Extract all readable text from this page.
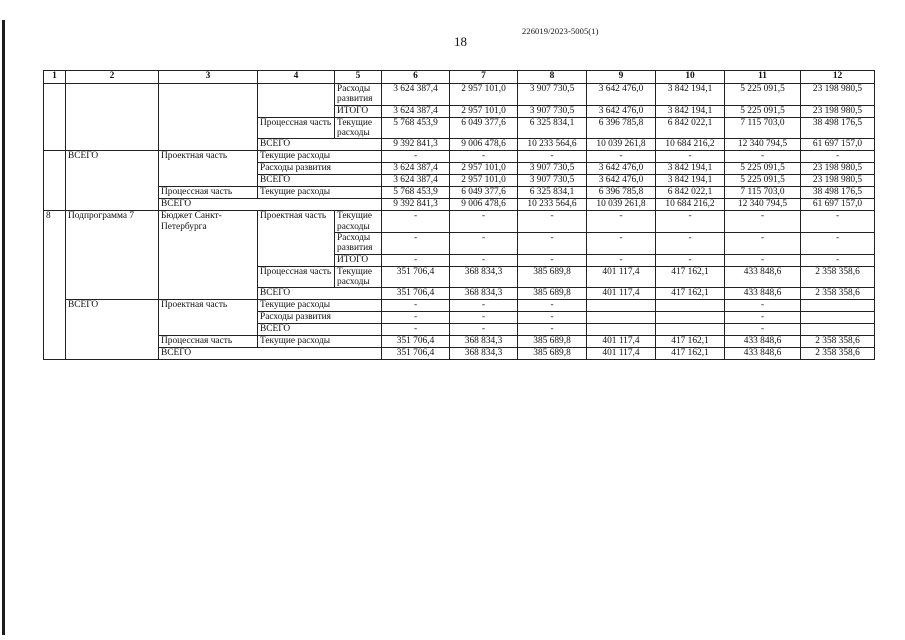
226019/2023-5005(1)
18
1	2	3	4	5	6	7	8	9	10	11	12
				Расходы развития	3 624 387,4	2 957 101,0	3 907 730,5	3 642 476,0	3 842 194,1	5 225 091,5	23 198 980,5
				ИТОГО	3 624 387,4	2 957 101,0	3 907 730,5	3 642 476,0	3 842 194,1	5 225 091,5	23 198 980,5
			Процессная часть	Текущие расходы	5 768 453,9	6 049 377,6	6 325 834,1	6 396 785,8	6 842 022,1	7 115 703,0	38 498 176,5
			ВСЕГО		9 392 841,3	9 006 478,6	10 233 564,6	10 039 261,8	10 684 216,2	12 340 794,5	61 697 157,0
	ВСЕГО	Проектная часть	Текущие расходы		-	-	-	-	-	-	-
			Расходы развития		3 624 387,4	2 957 101,0	3 907 730,5	3 642 476,0	3 842 194,1	5 225 091,5	23 198 980,5
			ВСЕГО		3 624 387,4	2 957 101,0	3 907 730,5	3 642 476,0	3 842 194,1	5 225 091,5	23 198 980,5
		Процессная часть	Текущие расходы		5 768 453,9	6 049 377,6	6 325 834,1	6 396 785,8	6 842 022,1	7 115 703,0	38 498 176,5
		ВСЕГО			9 392 841,3	9 006 478,6	10 233 564,6	10 039 261,8	10 684 216,2	12 340 794,5	61 697 157,0
8	Подпрограмма 7	Бюджет Санкт-Петербурга	Проектная часть	Текущие расходы	-	-	-	-	-	-	-
				Расходы развития	-	-	-	-	-	-	-
				ИТОГО	-	-	-	-	-	-	-
			Процессная часть	Текущие расходы	351 706,4	368 834,3	385 689,8	401 117,4	417 162,1	433 848,6	2 358 358,6
			ВСЕГО		351 706,4	368 834,3	385 689,8	401 117,4	417 162,1	433 848,6	2 358 358,6
	ВСЕГО	Проектная часть	Текущие расходы		-	-	-			-	
			Расходы развития		-	-	-			-	
			ВСЕГО		-	-	-			-	
		Процессная часть	Текущие расходы		351 706,4	368 834,3	385 689,8	401 117,4	417 162,1	433 848,6	2 358 358,6
		ВСЕГО			351 706,4	368 834,3	385 689,8	401 117,4	417 162,1	433 848,6	2 358 358,6
